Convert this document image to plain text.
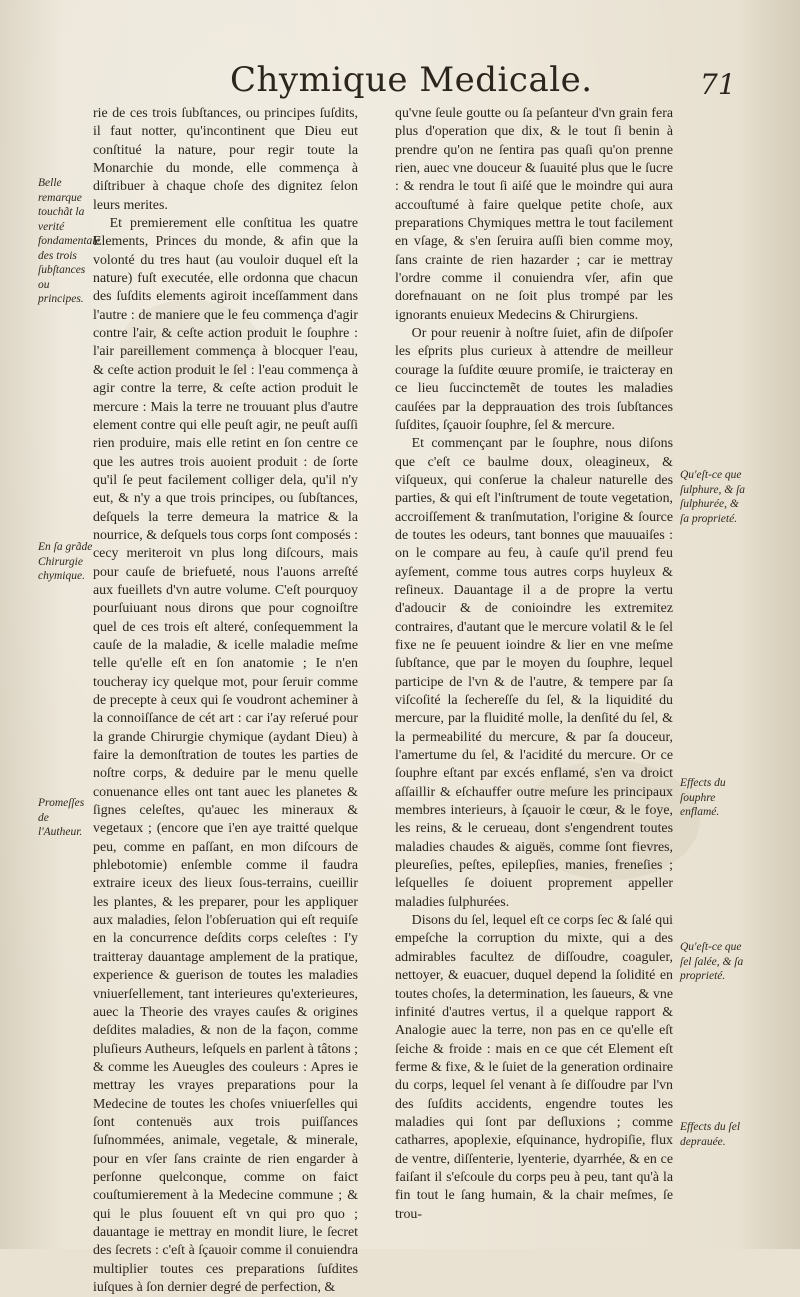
Chymique Medicale.	71
Belle remarque touchãt la verité fondamentale des trois ſubſtances ou principes.
En ſa grãde Chirurgie chymique.
Promeſſes de l'Autheur.
Qu'eſt-ce que ſulphure, & ſa ſulphurée, & ſa proprieté.
Effects du ſouphre enflamé.
Qu'eſt-ce que ſel ſalée, & ſa proprieté.
Effects du ſel deprauée.

rie de ces trois ſubſtances, ou principes ſuſdits, il faut notter, qu'incontinent que Dieu eut conſtitué la nature, pour regir toute la Monarchie du monde, elle commença à diſtribuer à chaque choſe des dignitez ſelon leurs merites.

Et premierement elle conſtitua les quatre Elements, Princes du monde, & afin que la volonté du tres haut (au vouloir duquel eſt la nature) fuſt executée, elle ordonna que chacun des ſuſdits elements agiroit inceſſamment dans l'autre : de maniere que le feu commença d'agir contre l'air, & ceſte action produit le ſouphre : l'air pareillement commença à blocquer l'eau, & ceſte action produit le ſel : l'eau commença à agir contre la terre, & ceſte action produit le mercure : Mais la terre ne trouuant plus d'autre element contre qui elle peuſt agir, ne peuſt auſſi rien produire, mais elle retint en ſon centre ce que les autres trois auoient produit : de ſorte qu'il ſe peut facilement colliger dela, qu'il n'y eut, & n'y a que trois principes, ou ſubſtances, deſquels la terre demeura la matrice & la nourrice, & deſquels tous corps ſont composés : cecy meriteroit vn plus long diſcours, mais pour cauſe de briefueté, nous l'auons arreſté aux fueillets d'vn autre volume. C'eſt pourquoy pourſuiuant nous dirons que pour cognoiſtre quel de ces trois eſt alteré, conſequemment la cauſe de la maladie, & icelle maladie meſme telle qu'elle eſt en ſon anatomie ; Ie n'en toucheray icy quelque mot, pour ſeruir comme de precepte à ceux qui ſe voudront acheminer à la connoiſſance de cét art : car i'ay reſerué pour la grande Chirurgie chymique (aydant Dieu) à faire la demonſtration de toutes les parties de noſtre corps, & deduire par le menu quelle conuenance elles ont tant auec les planetes & ſignes celeſtes, qu'auec les mineraux & vegetaux ; (encore que i'en aye traitté quelque peu, comme en paſſant, en mon diſcours de phlebotomie) enſemble comme il faudra extraire iceux des lieux ſous-terrains, cueillir les plantes, & les preparer, pour les appliquer aux maladies, ſelon l'obſeruation qui eſt requiſe en la concurrence deſdits corps celeſtes : I'y traitteray dauantage amplement de la pratique, experience & guerison de toutes les maladies vniuerſellement, tant interieures qu'exterieures, auec la Theorie des vrayes cauſes & origines deſdites maladies, & non de la façon, comme pluſieurs Autheurs, leſquels en parlent à tâtons ; & comme les Aueugles des couleurs : Apres ie mettray les vrayes preparations pour la Medecine de toutes les choſes vniuerſelles qui ſont contenuës aux trois puiſſances ſuſnommées, animale, vegetale, & minerale, pour en vſer ſans crainte de rien engarder à perſonne quelconque, comme on faict couſtumierement à la Medecine commune ; & qui le plus ſouuent eſt vn qui pro quo ; dauantage ie mettray en mondit liure, le ſecret des ſecrets : c'eſt à ſçauoir comme il conuiendra multiplier toutes ces preparations ſuſdites iuſques à ſon dernier degré de perfection, &

qu'vne ſeule goutte ou ſa peſanteur d'vn grain fera plus d'operation que dix, & le tout ſi benin à prendre qu'on ne ſentira pas quaſi qu'on prenne rien, auec vne douceur & ſuauité plus que le ſucre : & rendra le tout ſi aiſé que le moindre qui aura accouſtumé à faire quelque petite choſe, aux preparations Chymiques mettra le tout facilement en vſage, & s'en ſeruira auſſi bien comme moy, ſans crainte de rien hazarder ; car ie mettray l'ordre comme il conuiendra vſer, afin que dorefnauant on ne ſoit plus trompé par les ignorants enuieux Medecins & Chirurgiens.

Or pour reuenir à noſtre ſuiet, afin de diſpoſer les eſprits plus curieux à attendre de meilleur courage la ſuſdite œuure promiſe, ie traicteray en ce lieu ſuccinctemẽt de toutes les maladies cauſées par la depprauation des trois ſubſtances ſuſdites, ſçauoir ſouphre, ſel & mercure.

Et commençant par le ſouphre, nous diſons que c'eſt ce baulme doux, oleagineux, & viſqueux, qui conſerue la chaleur naturelle des parties, & qui eſt l'inſtrument de toute vegetation, accroiſſement & tranſmutation, l'origine & ſource de toutes les odeurs, tant bonnes que mauuaiſes : on le compare au feu, à cauſe qu'il prend feu ayſement, comme tous autres corps huyleux & reſineux. Dauantage il a de propre la vertu d'adoucir & de conioindre les extremitez contraires, d'autant que le mercure volatil & le ſel fixe ne ſe peuuent ioindre & lier en vne meſme ſubſtance, que par le moyen du ſouphre, lequel participe de l'vn & de l'autre, & tempere par ſa viſcoſité la ſechereſſe du ſel, & la liquidité du mercure, par la fluidité molle, la denſité du ſel, & la permeabilité du mercure, & par ſa douceur, l'amertume du ſel, & l'acidité du mercure. Or ce ſouphre eſtant par excés enflamé, s'en va droict aſſaillir & eſchauffer outre meſure les principaux membres interieurs, à ſçauoir le cœur, & le foye, les reins, & le cerueau, dont s'engendrent toutes maladies chaudes & aiguës, comme ſont fievres, pleureſies, peſtes, epilepſies, manies, freneſies ; leſquelles ſe doiuent proprement appeller maladies ſulphurées.

Disons du ſel, lequel eſt ce corps ſec & ſalé qui empeſche la corruption du mixte, qui a des admirables facultez de diſſoudre, coaguler, nettoyer, & euacuer, duquel depend la ſolidité en toutes choſes, la determination, les ſaueurs, & vne infinité d'autres vertus, il a quelque rapport & Analogie auec la terre, non pas en ce qu'elle eſt ſeiche & froide : mais en ce que cét Element eſt ferme & fixe, & le ſuiet de la generation ordinaire du corps, lequel ſel venant à ſe diſſoudre par l'vn des ſuſdits accidents, engendre toutes les maladies qui ſont par deſluxions ; comme catharres, apoplexie, eſquinance, hydropiſie, flux de ventre, diſſenterie, lyenterie, dyarrhée, & en ce faiſant il s'eſcoule du corps peu à peu, tant qu'à la fin tout le ſang humain, & la chair meſmes, ſe trou-
